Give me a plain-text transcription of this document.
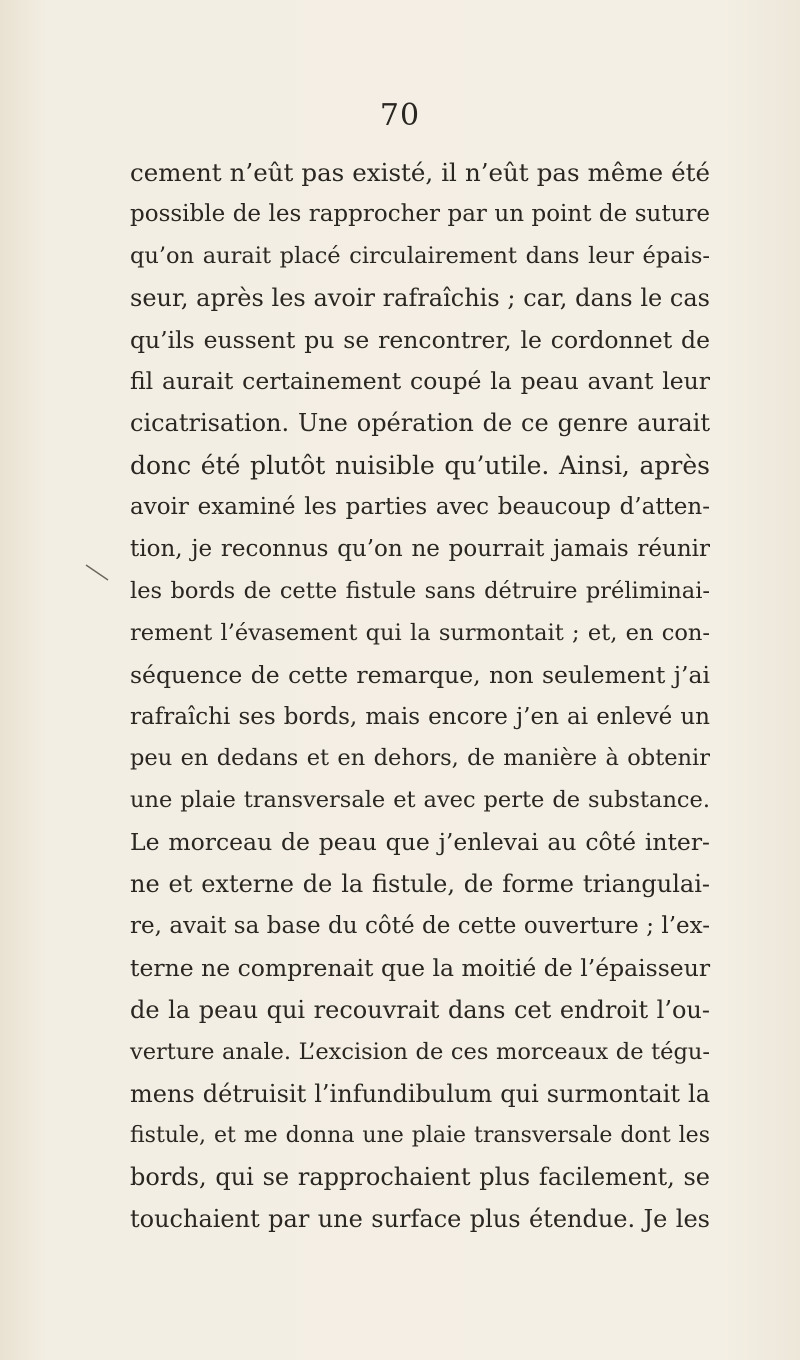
70
cement n’eût pas existé, il n’eût pas même été
possible de les rapprocher par un point de suture
qu’on aurait placé circulairement dans leur épais-
seur, après les avoir rafraîchis ; car, dans le cas
qu’ils eussent pu se rencontrer, le cordonnet de
fil aurait certainement coupé la peau avant leur
cicatrisation. Une opération de ce genre aurait
donc été plutôt nuisible qu’utile. Ainsi, après
avoir examiné les parties avec beaucoup d’atten-
tion, je reconnus qu’on ne pourrait jamais réunir
les bords de cette fistule sans détruire préliminai-
rement l’évasement qui la surmontait ; et, en con-
séquence de cette remarque, non seulement j’ai
rafraîchi ses bords, mais encore j’en ai enlevé un
peu en dedans et en dehors, de manière à obtenir
une plaie transversale et avec perte de substance.
Le morceau de peau que j’enlevai au côté inter-
ne et externe de la fistule, de forme triangulai-
re, avait sa base du côté de cette ouverture ; l’ex-
terne ne comprenait que la moitié de l’épaisseur
de la peau qui recouvrait dans cet endroit l’ou-
verture anale. L’excision de ces morceaux de tégu-
mens détruisit l’infundibulum qui surmontait la
fistule, et me donna une plaie transversale dont les
bords, qui se rapprochaient plus facilement, se
touchaient par une surface plus étendue. Je les
